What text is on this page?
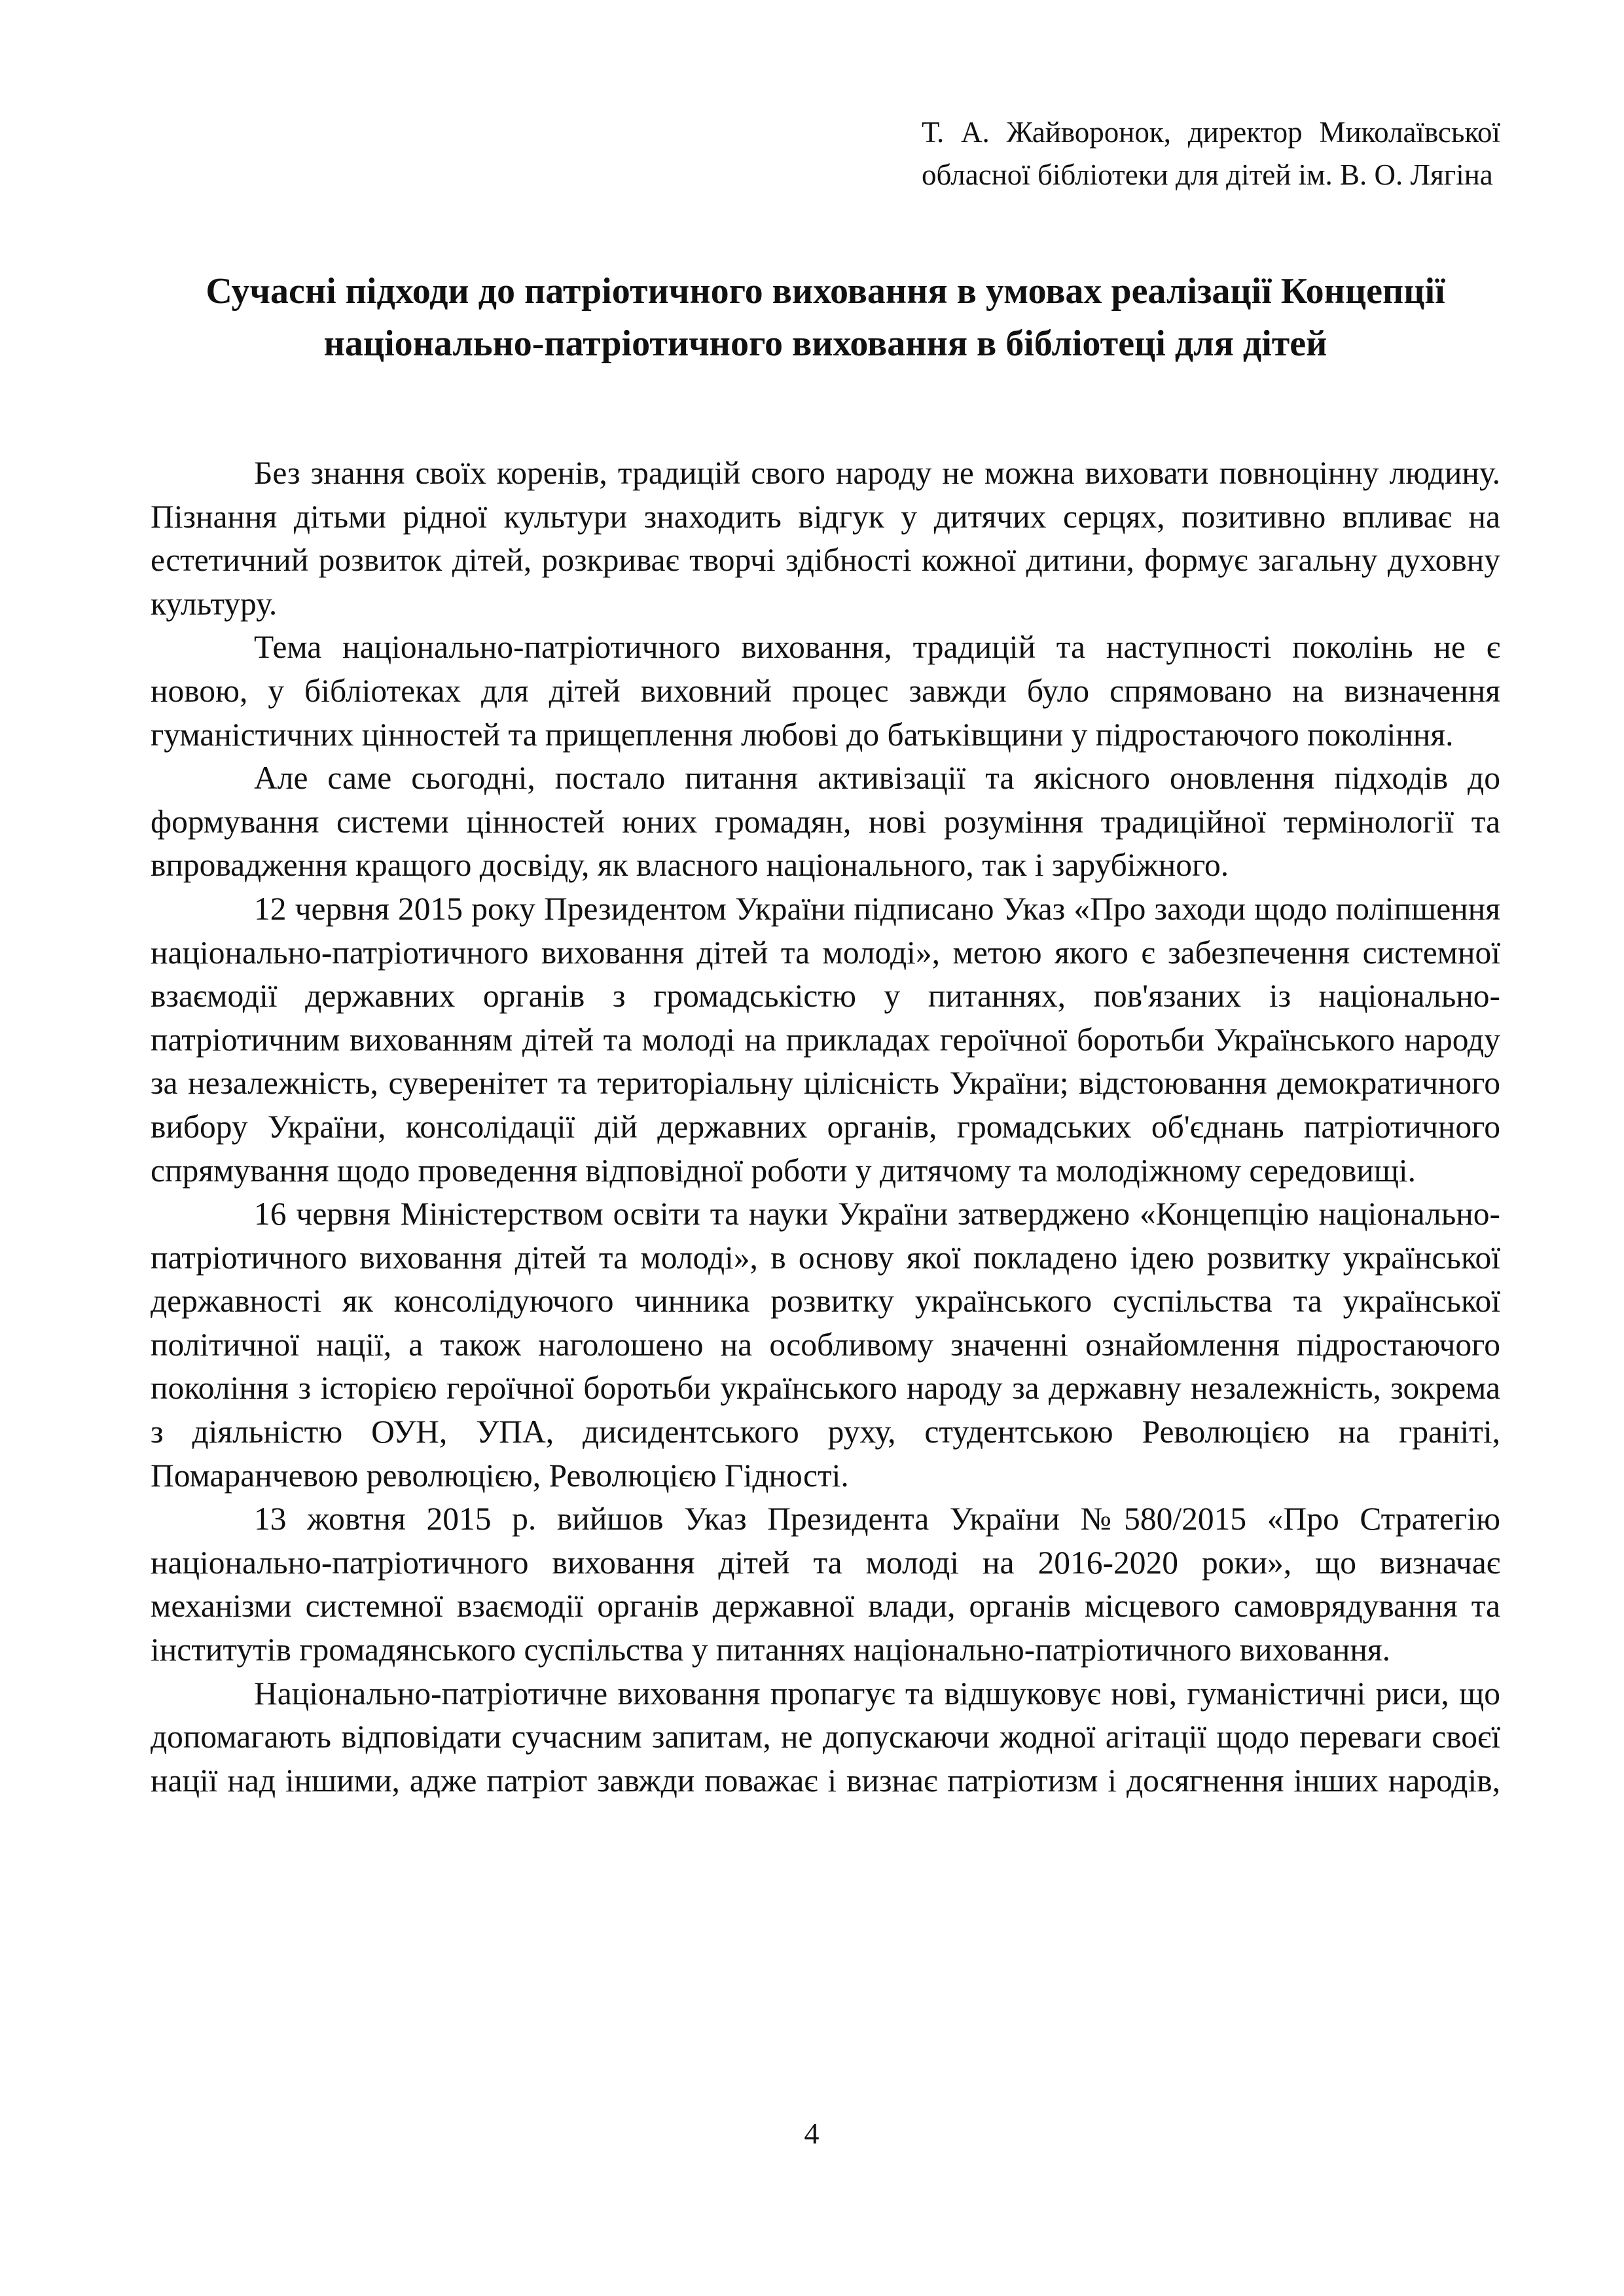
Т. А. Жайворонок, директор Миколаївської обласної бібліотеки для дітей ім. В. О. Лягіна
Сучасні підходи до патріотичного виховання в умовах реалізації Концепції національно-патріотичного виховання в бібліотеці для дітей

Без знання своїх коренів, традицій свого народу не можна виховати повноцінну людину. Пізнання дітьми рідної культури знаходить відгук у дитячих серцях, позитивно впливає на естетичний розвиток дітей, розкриває творчі здібності кожної дитини, формує загальну духовну культуру.

Тема національно-патріотичного виховання, традицій та наступності поколінь не є новою, у бібліотеках для дітей виховний процес завжди було спрямовано на визначення гуманістичних цінностей та прищеплення любові до батьківщини у підростаючого покоління.

Але саме сьогодні, постало питання активізації та якісного оновлення підходів до формування системи цінностей юних громадян, нові розуміння традиційної термінології та впровадження кращого досвіду, як власного національного, так і зарубіжного.

12 червня 2015 року Президентом України підписано Указ «Про заходи щодо поліпшення національно-патріотичного виховання дітей та молоді», метою якого є забезпечення системної взаємодії державних органів з громадськістю у питаннях, пов'язаних із національно-патріотичним вихованням дітей та молоді на прикладах героїчної боротьби Українського народу за незалежність, суверенітет та територіальну цілісність України; відстоювання демократичного вибору України, консолідації дій державних органів, громадських об'єднань патріотичного спрямування щодо проведення відповідної роботи у дитячому та молодіжному середовищі.

16 червня Міністерством освіти та науки України затверджено «Концепцію національно-патріотичного виховання дітей та молоді», в основу якої покладено ідею розвитку української державності як консолідуючого чинника розвитку українського суспільства та української політичної нації, а також наголошено на особливому значенні ознайомлення підростаючого покоління з історією героїчної боротьби українського народу за державну незалежність, зокрема з діяльністю ОУН, УПА, дисидентського руху, студентською Революцією на граніті, Помаранчевою революцією, Революцією Гідності.

13 жовтня 2015 р. вийшов Указ Президента України №580/2015 «Про Стратегію національно-патріотичного виховання дітей та молоді на 2016-2020 роки», що визначає механізми системної взаємодії органів державної влади, органів місцевого самоврядування та інститутів громадянського суспільства у питаннях національно-патріотичного виховання.

Національно-патріотичне виховання пропагує та відшуковує нові, гуманістичні риси, що допомагають відповідати сучасним запитам, не допускаючи жодної агітації щодо переваги своєї нації над іншими, адже патріот завжди поважає і визнає патріотизм і досягнення інших народів,

4
